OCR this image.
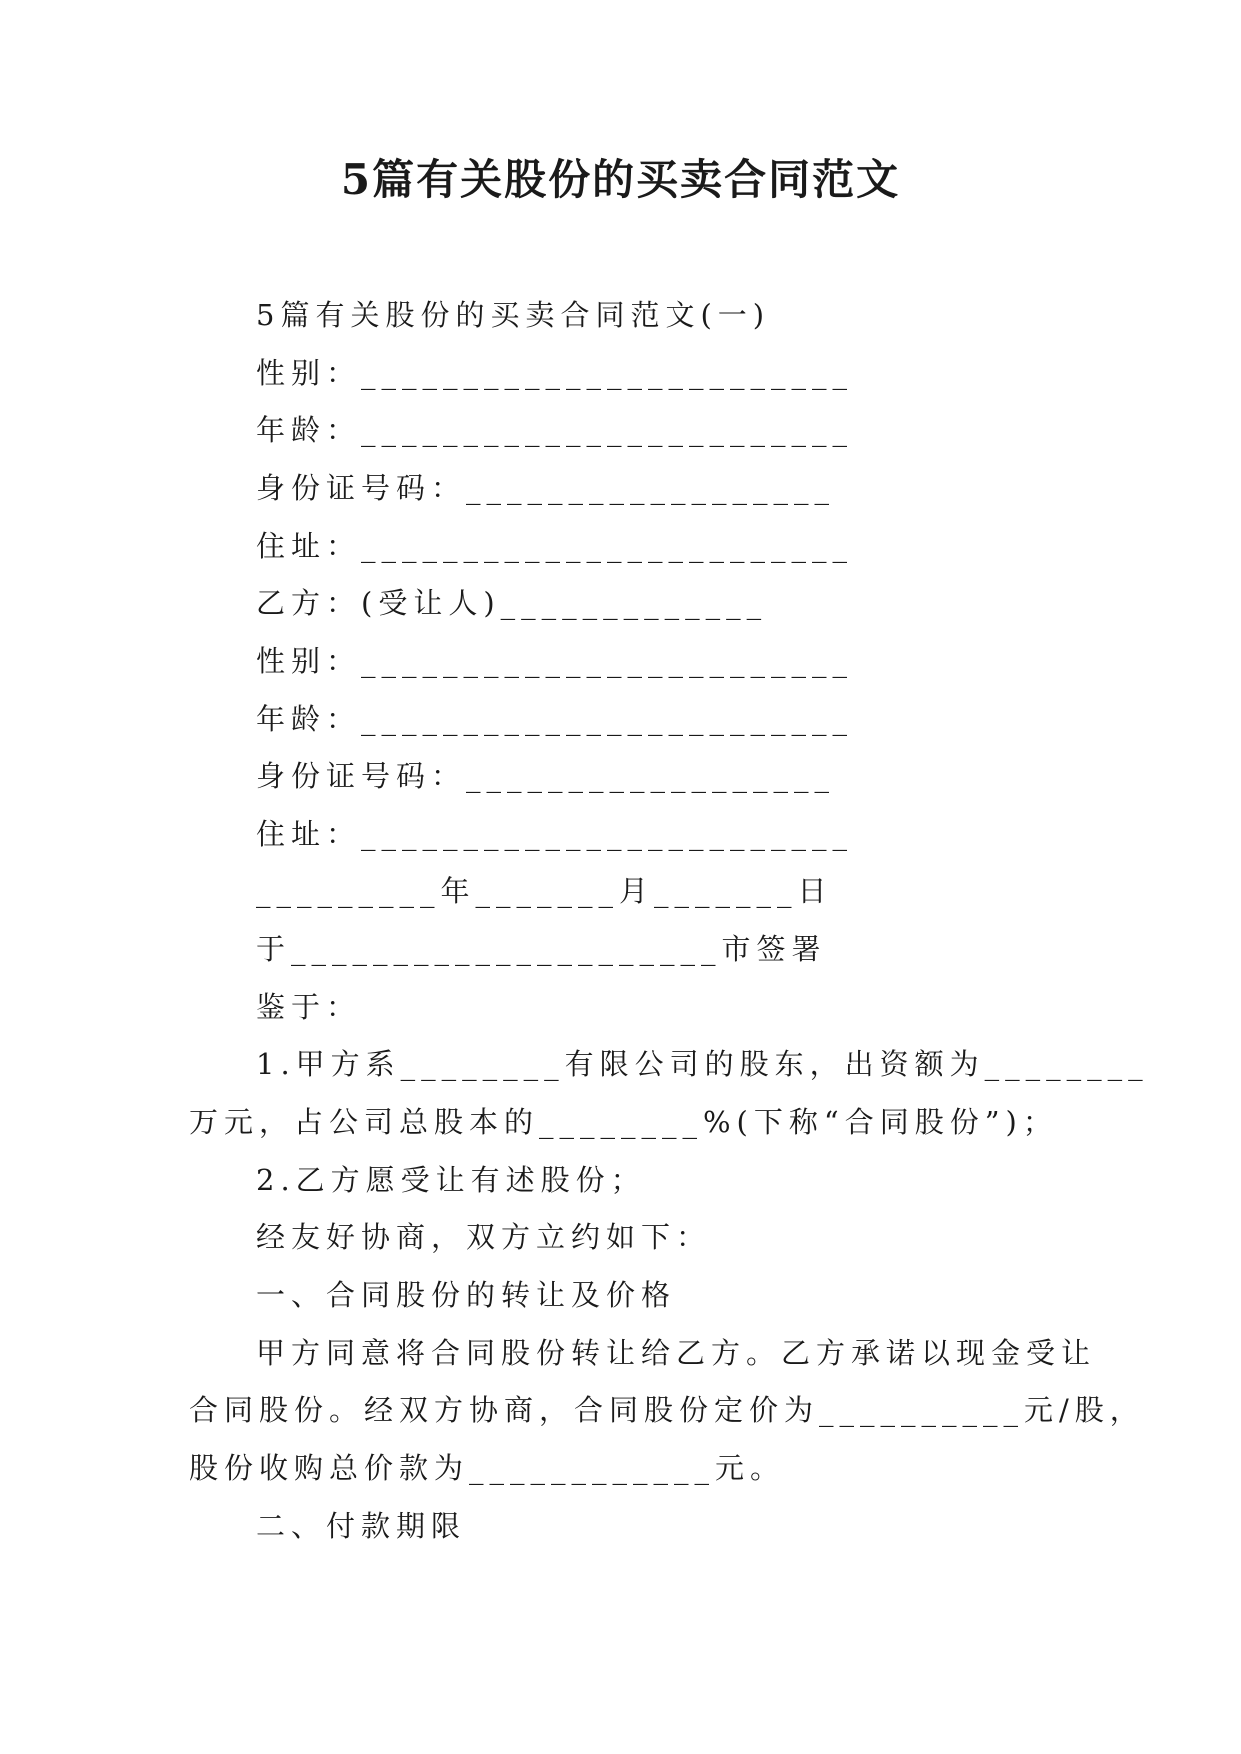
5篇有关股份的买卖合同范文
5篇有关股份的买卖合同范文(一)
性别：________________________
年龄：________________________
身份证号码：__________________
住址：________________________
乙方：(受让人)_____________
性别：________________________
年龄：________________________
身份证号码：__________________
住址：________________________
_________年_______月_______日
于_____________________市签署
鉴于：
1.甲方系________有限公司的股东，出资额为________
万元，占公司总股本的________%(下称“合同股份”)；
2.乙方愿受让有述股份；
经友好协商，双方立约如下：
一、合同股份的转让及价格
甲方同意将合同股份转让给乙方。乙方承诺以现金受让
合同股份。经双方协商，合同股份定价为__________元/股，
股份收购总价款为____________元。
二、付款期限
